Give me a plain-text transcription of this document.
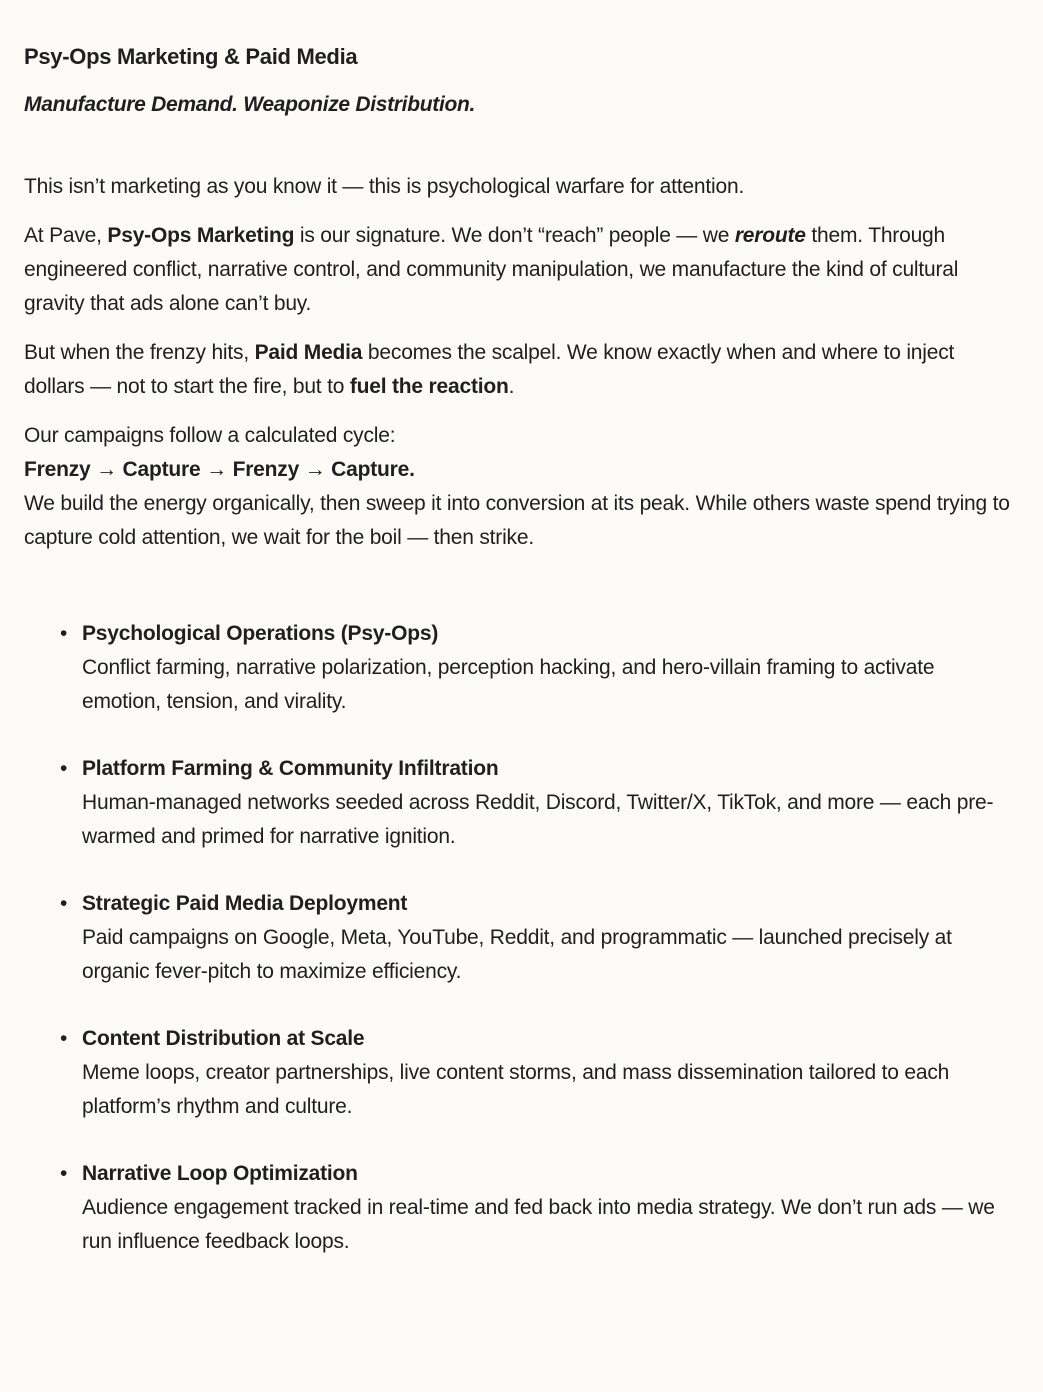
Psy-Ops Marketing & Paid Media
Manufacture Demand. Weaponize Distribution.

This isn’t marketing as you know it — this is psychological warfare for attention.

At Pave, Psy-Ops Marketing is our signature. We don’t “reach” people — we reroute them. Through engineered conflict, narrative control, and community manipulation, we manufacture the kind of cultural gravity that ads alone can’t buy.

But when the frenzy hits, Paid Media becomes the scalpel. We know exactly when and where to inject dollars — not to start the fire, but to fuel the reaction.

Our campaigns follow a calculated cycle:

Frenzy → Capture → Frenzy → Capture.

We build the energy organically, then sweep it into conversion at its peak. While others waste spend trying to capture cold attention, we wait for the boil — then strike.

• Psychological Operations (Psy-Ops)
Conflict farming, narrative polarization, perception hacking, and hero-villain framing to activate emotion, tension, and virality.
• Platform Farming & Community Infiltration
Human-managed networks seeded across Reddit, Discord, Twitter/X, TikTok, and more — each pre-warmed and primed for narrative ignition.
• Strategic Paid Media Deployment
Paid campaigns on Google, Meta, YouTube, Reddit, and programmatic — launched precisely at organic fever-pitch to maximize efficiency.
• Content Distribution at Scale
Meme loops, creator partnerships, live content storms, and mass dissemination tailored to each platform’s rhythm and culture.
• Narrative Loop Optimization
Audience engagement tracked in real-time and fed back into media strategy. We don’t run ads — we run influence feedback loops.
